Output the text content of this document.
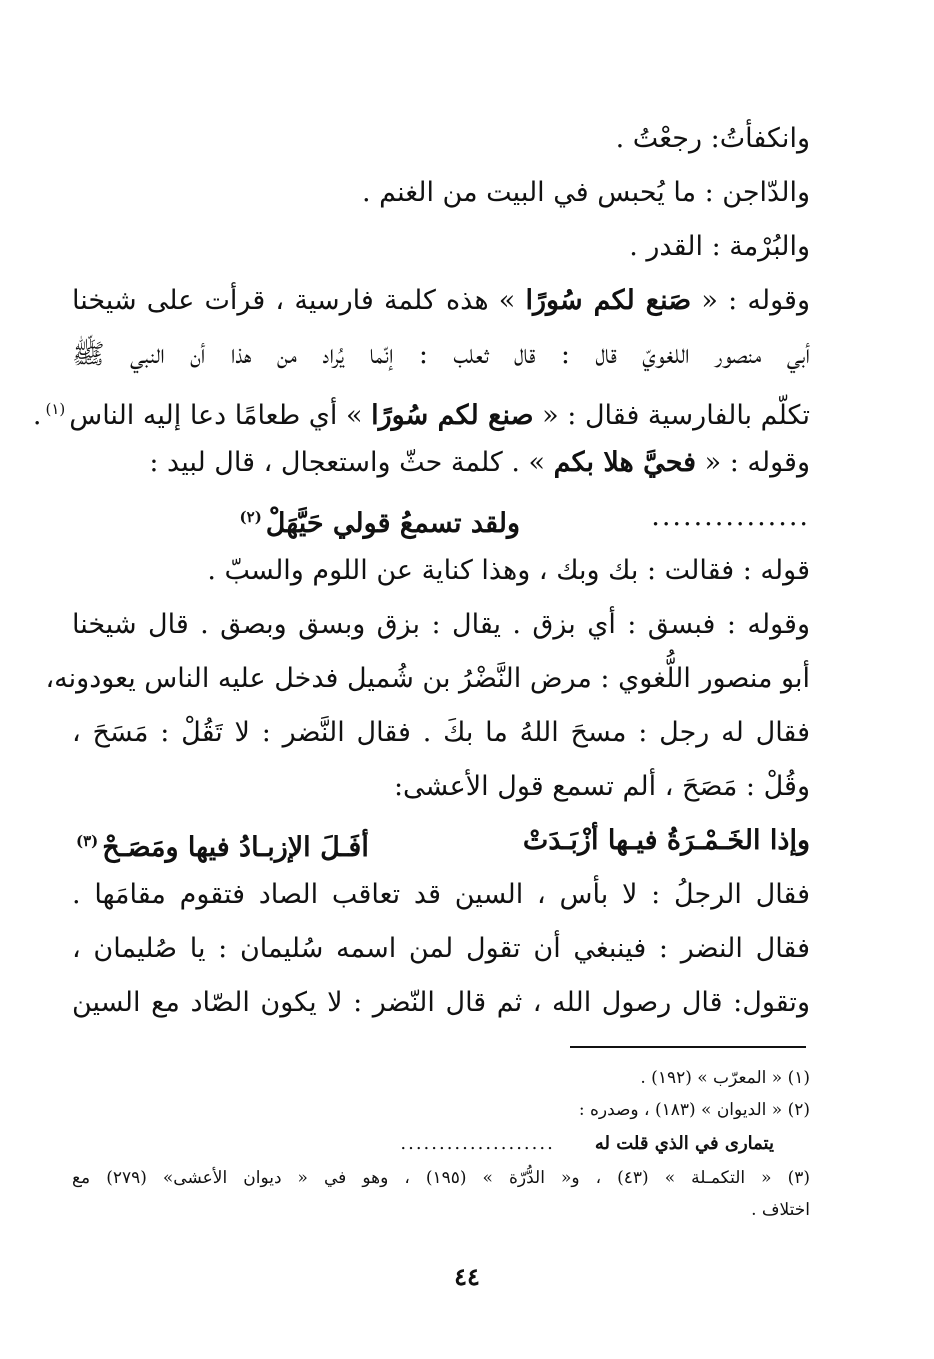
وانكفأتُ: رجعْتُ .
والدّاجن : ما يُحبس في البيت من الغنم .
والبُرْمة : القدر .
وقوله : « صَنع لكم سُورًا » هذه كلمة فارسية ، قرأت على شيخنا
أبي منصور اللغويّ قال : قال ثعلب : إنّما يُراد من هذا أن النبي ﷺ
تكلّم بالفارسية فقال : « صنع لكم سُورًا » أي طعامًا دعا إليه الناس$^{(١)}$.
وقوله : « فحيَّ هلا بكم » . كلمة حثّ واستعجال ، قال لبيد :
...............
ولقد تسمعُ قولي حَيَّهَلْ$^{(٢)}$
قوله : فقالت : بك وبك ، وهذا كناية عن اللوم والسبّ .
وقوله : فبسق : أي بزق . يقال : بزق وبسق وبصق . قال شيخنا
أبو منصور اللُّغوي : مرض النَّضْرُ بن شُميل فدخل عليه الناس يعودونه،
فقال له رجل : مسحَ اللهُ ما بكَ . فقال النَّضر : لا تَقُلْ : مَسَحَ ،
وقُلْ : مَصَحَ ، ألم تسمع قول الأعشى:
وإذا الخَـمْـرَةُ فيـها أزْبَـدَتْ
أفَـلَ الإزبـادُ فيها ومَصَـحْ$^{(٣)}$
فقال الرجلُ : لا بأس ، السين قد تعاقب الصاد فتقوم مقامَها .
فقال النضر : فينبغي أن تقول لمن اسمه سُليمان : يا صُليمان ،
وتقول: قال رصول الله ، ثم قال النّضر : لا يكون الصّاد مع السين
(١) « المعرّب » (١٩٢) .
(٢) « الديوان » (١٨٣) ، وصدره :
يتمارى في الذي قلت له
....................
(٣) « التكمـلة » (٤٣) ، و« الدُّرّة » (١٩٥) ، وهو في « ديوان الأعشى» (٢٧٩) مع
اختلاف .
٤٤
